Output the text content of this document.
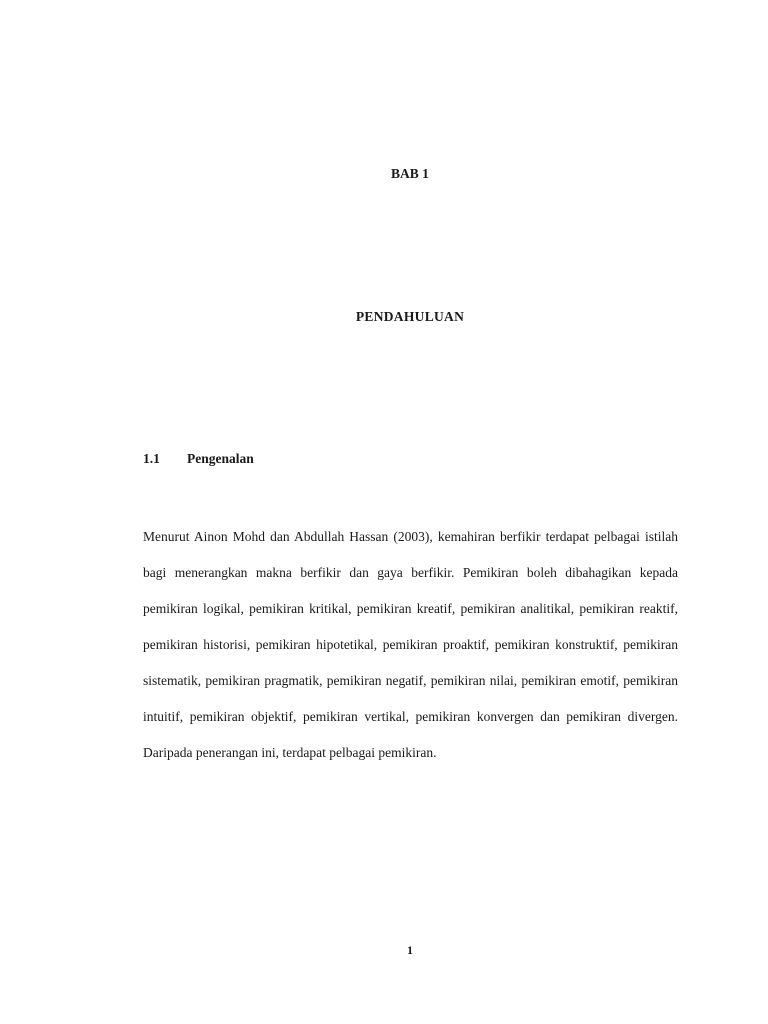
BAB 1
PENDAHULUAN
1.1 Pengenalan

Menurut Ainon Mohd dan Abdullah Hassan (2003), kemahiran berfikir terdapat pelbagai istilah bagi menerangkan makna berfikir dan gaya berfikir. Pemikiran boleh dibahagikan kepada pemikiran logikal, pemikiran kritikal, pemikiran kreatif, pemikiran analitikal, pemikiran reaktif, pemikiran historisi, pemikiran hipotetikal, pemikiran proaktif, pemikiran konstruktif, pemikiran sistematik, pemikiran pragmatik, pemikiran negatif, pemikiran nilai, pemikiran emotif, pemikiran intuitif, pemikiran objektif, pemikiran vertikal, pemikiran konvergen dan pemikiran divergen. Daripada penerangan ini, terdapat pelbagai pemikiran.

1
